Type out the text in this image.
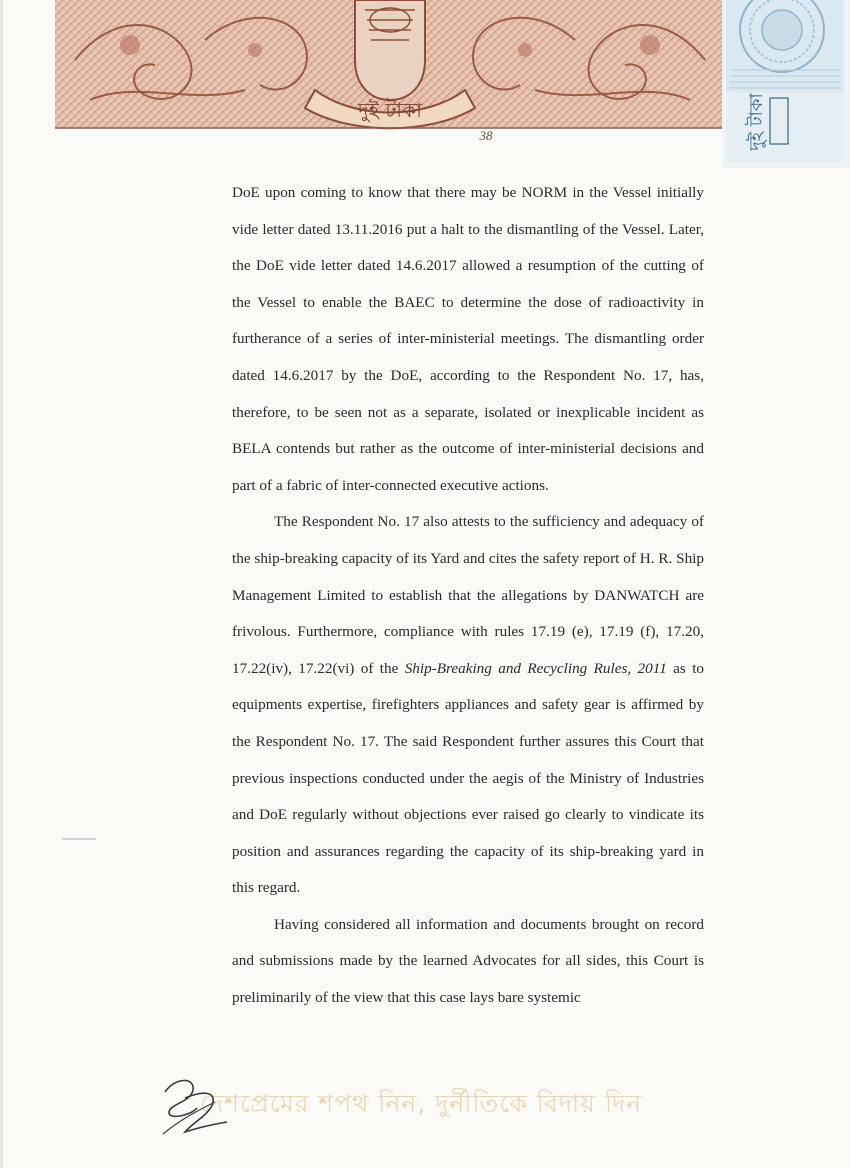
দুই টাকা	দুই টাকা
38

DoE upon coming to know that there may be NORM in the Vessel initially vide letter dated 13.11.2016 put a halt to the dismantling of the Vessel. Later, the DoE vide letter dated 14.6.2017 allowed a resumption of the cutting of the Vessel to enable the BAEC to determine the dose of radioactivity in furtherance of a series of inter-ministerial meetings. The dismantling order dated 14.6.2017 by the DoE, according to the Respondent No. 17, has, therefore, to be seen not as a separate, isolated or inexplicable incident as BELA contends but rather as the outcome of inter-ministerial decisions and part of a fabric of inter-connected executive actions.

The Respondent No. 17 also attests to the sufficiency and adequacy of the ship-breaking capacity of its Yard and cites the safety report of H. R. Ship Management Limited to establish that the allegations by DANWATCH are frivolous. Furthermore, compliance with rules 17.19 (e), 17.19 (f), 17.20, 17.22(iv), 17.22(vi) of the Ship-Breaking and Recycling Rules, 2011 as to equipments expertise, firefighters appliances and safety gear is affirmed by the Respondent No. 17. The said Respondent further assures this Court that previous inspections conducted under the aegis of the Ministry of Industries and DoE regularly without objections ever raised go clearly to vindicate its position and assurances regarding the capacity of its ship-breaking yard in this regard.

Having considered all information and documents brought on record and submissions made by the learned Advocates for all sides, this Court is preliminarily of the view that this case lays bare systemic

দেশপ্রেমের শপথ নিন, দুর্নীতিকে বিদায় দিন
